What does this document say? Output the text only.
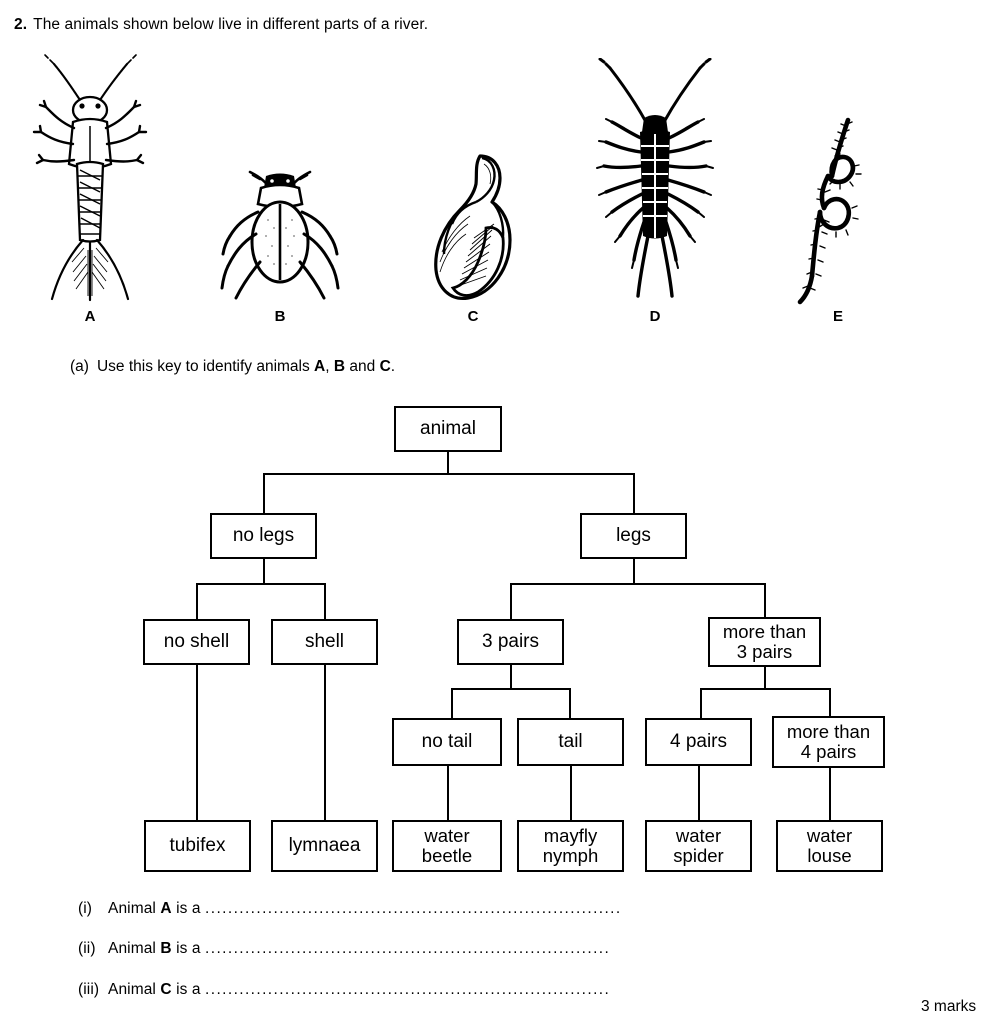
2. The animals shown below live in different parts of a river.
A	B	C	D	E
(a) Use this key to identify animals A, B and C.
animal
no legs	legs
no shell	shell	3 pairs	more than
3 pairs
no tail	tail	4 pairs	more than
4 pairs
tubifex	lymnaea	water
beetle
mayfly
nymph
water
spider
water
louse
(i) Animal A is a .........................................................................
(ii) Animal B is a .......................................................................
(iii) Animal C is a .......................................................................
3 marks
